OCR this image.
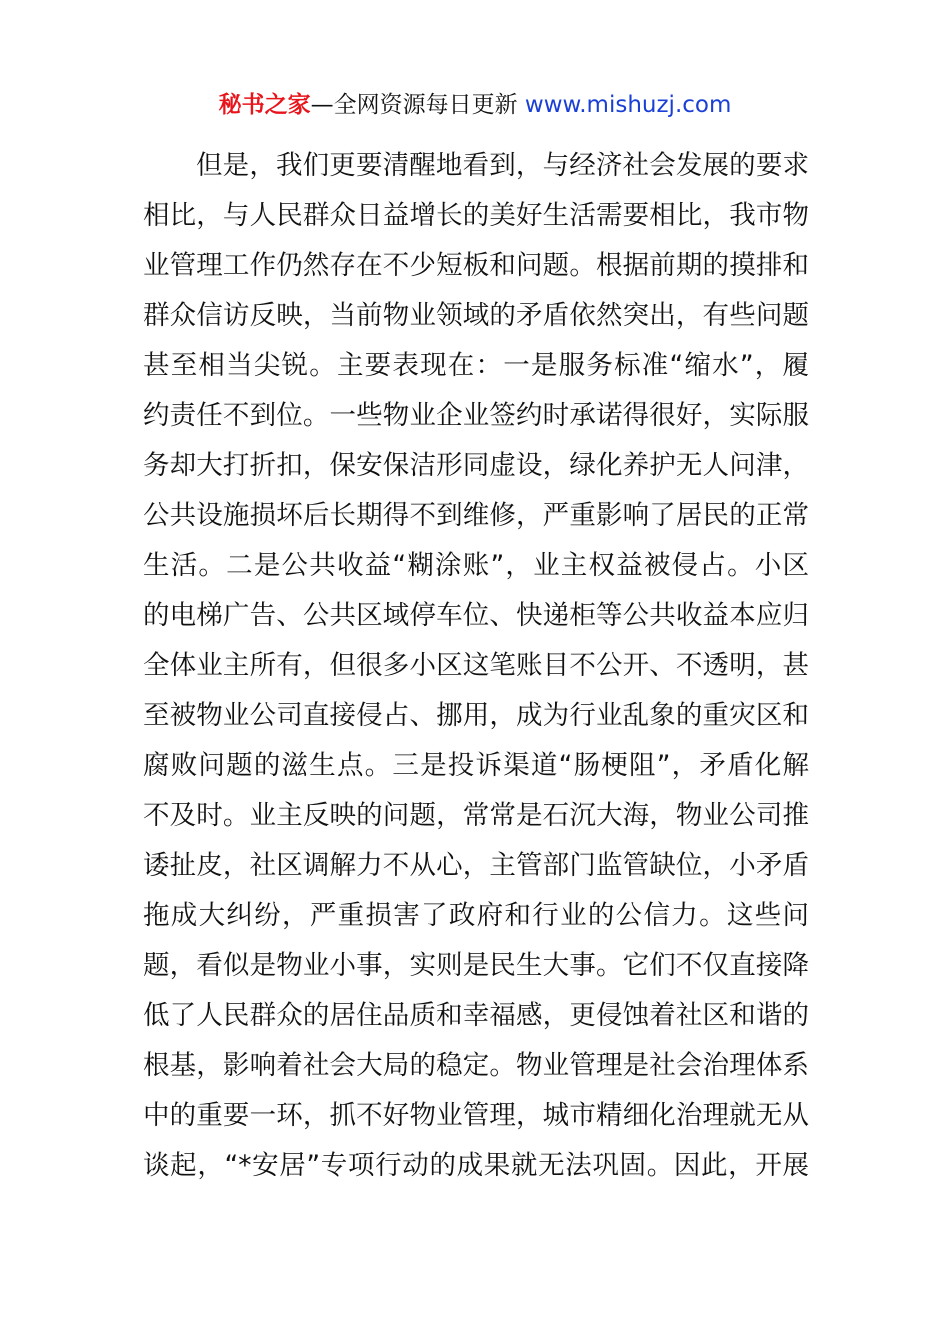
秘书之家—全网资源每日更新 www.mishuzj.com
但是，我们更要清醒地看到，与经济社会发展的要求
相比，与人民群众日益增长的美好生活需要相比，我市物
业管理工作仍然存在不少短板和问题。根据前期的摸排和
群众信访反映，当前物业领域的矛盾依然突出，有些问题
甚至相当尖锐。主要表现在：一是服务标准“缩水”，履
约责任不到位。一些物业企业签约时承诺得很好，实际服
务却大打折扣，保安保洁形同虚设，绿化养护无人问津，
公共设施损坏后长期得不到维修，严重影响了居民的正常
生活。二是公共收益“糊涂账”，业主权益被侵占。小区
的电梯广告、公共区域停车位、快递柜等公共收益本应归
全体业主所有，但很多小区这笔账目不公开、不透明，甚
至被物业公司直接侵占、挪用，成为行业乱象的重灾区和
腐败问题的滋生点。三是投诉渠道“肠梗阻”，矛盾化解
不及时。业主反映的问题，常常是石沉大海，物业公司推
诿扯皮，社区调解力不从心，主管部门监管缺位，小矛盾
拖成大纠纷，严重损害了政府和行业的公信力。这些问
题，看似是物业小事，实则是民生大事。它们不仅直接降
低了人民群众的居住品质和幸福感，更侵蚀着社区和谐的
根基，影响着社会大局的稳定。物业管理是社会治理体系
中的重要一环，抓不好物业管理，城市精细化治理就无从
谈起，“*安居”专项行动的成果就无法巩固。因此，开展
